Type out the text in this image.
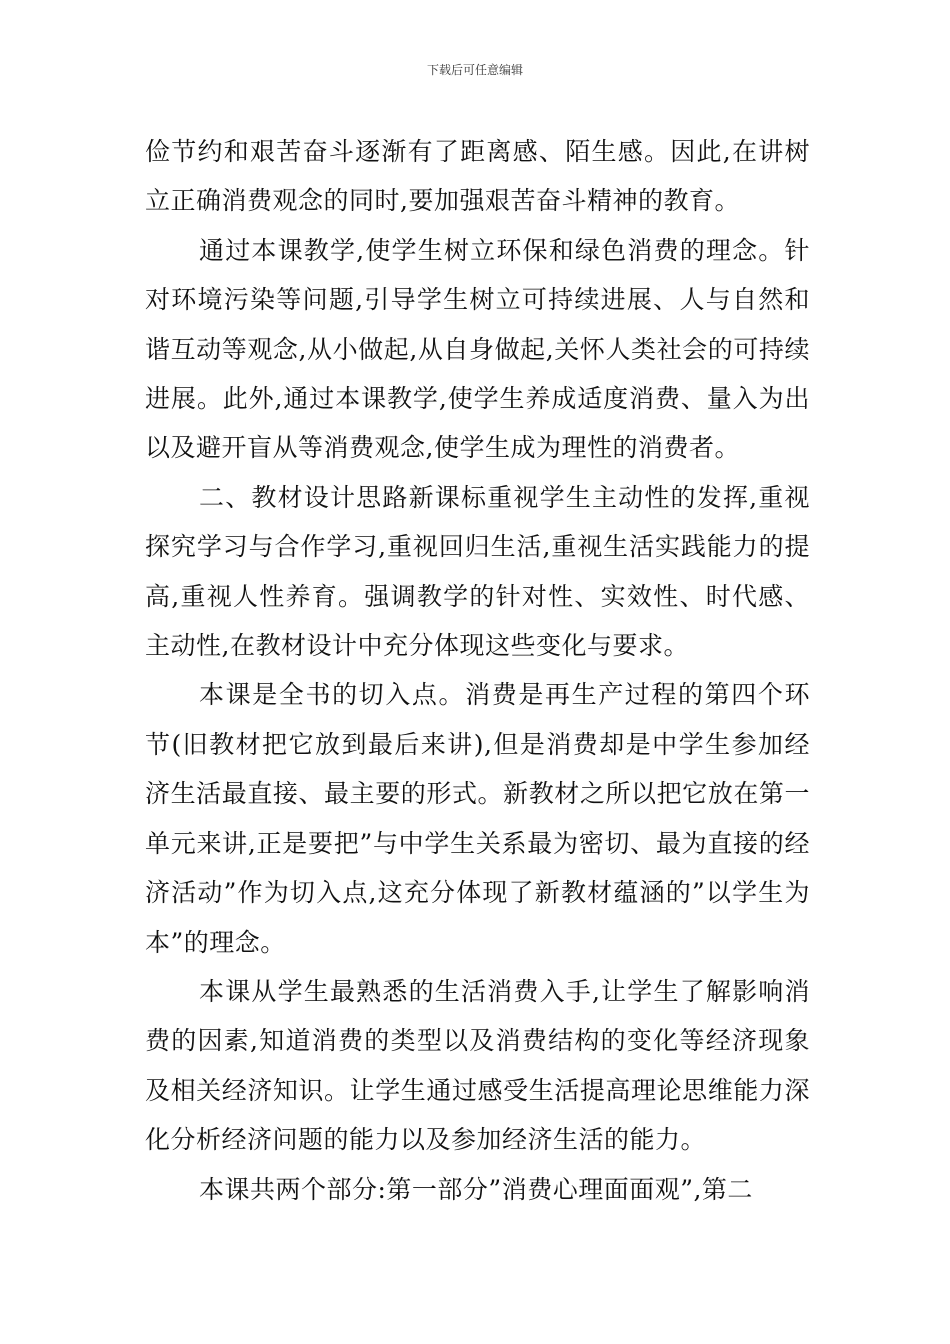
下载后可任意编辑

俭节约和艰苦奋斗逐渐有了距离感、陌生感。因此,在讲树立正确消费观念的同时,要加强艰苦奋斗精神的教育。

通过本课教学,使学生树立环保和绿色消费的理念。针对环境污染等问题,引导学生树立可持续进展、人与自然和谐互动等观念,从小做起,从自身做起,关怀人类社会的可持续进展。此外,通过本课教学,使学生养成适度消费、量入为出以及避开盲从等消费观念,使学生成为理性的消费者。

二、教材设计思路新课标重视学生主动性的发挥,重视探究学习与合作学习,重视回归生活,重视生活实践能力的提高,重视人性养育。强调教学的针对性、实效性、时代感、主动性,在教材设计中充分体现这些变化与要求。

本课是全书的切入点。消费是再生产过程的第四个环节(旧教材把它放到最后来讲),但是消费却是中学生参加经济生活最直接、最主要的形式。新教材之所以把它放在第一单元来讲,正是要把”与中学生关系最为密切、最为直接的经济活动”作为切入点,这充分体现了新教材蕴涵的”以学生为本”的理念。

本课从学生最熟悉的生活消费入手,让学生了解影响消费的因素,知道消费的类型以及消费结构的变化等经济现象及相关经济知识。让学生通过感受生活提高理论思维能力深化分析经济问题的能力以及参加经济生活的能力。

本课共两个部分:第一部分”消费心理面面观”,第二
